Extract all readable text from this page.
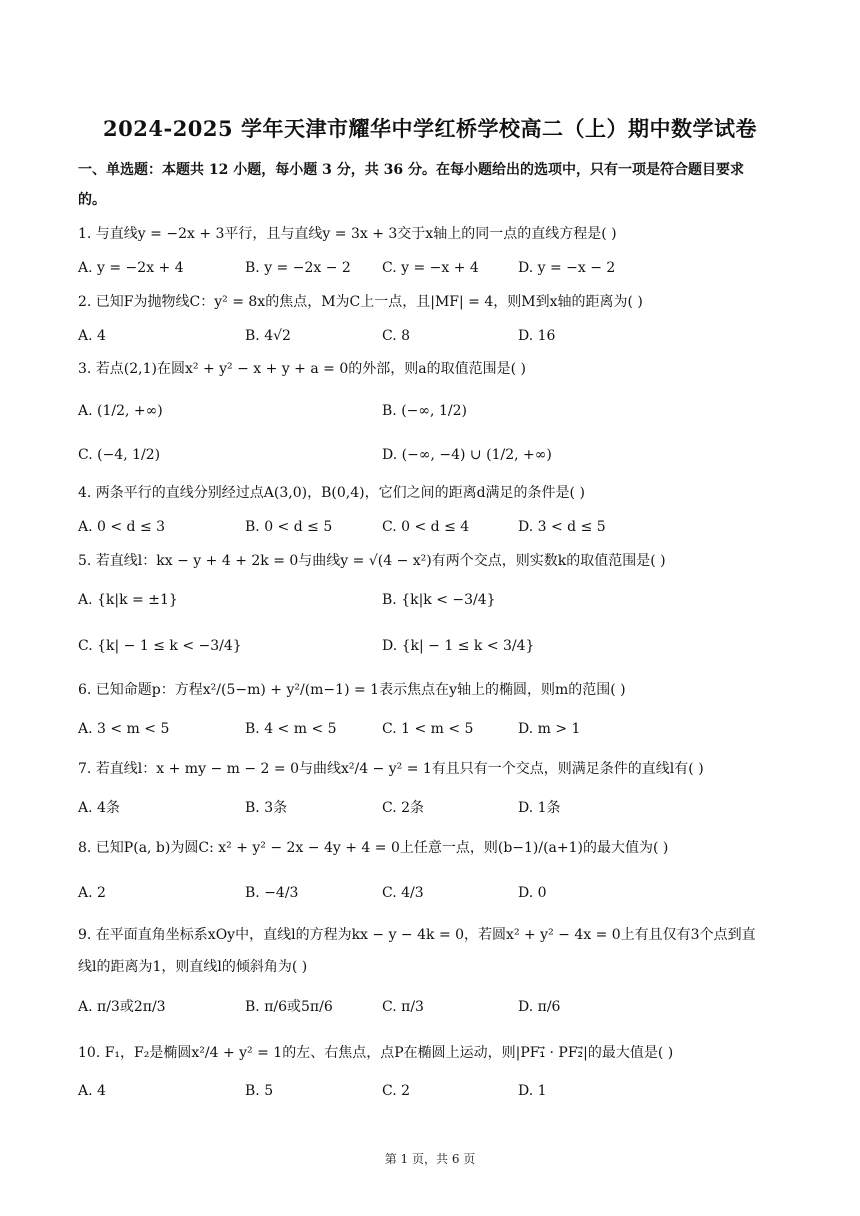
2024-2025 学年天津市耀华中学红桥学校高二（上）期中数学试卷
一、单选题：本题共 12 小题，每小题 3 分，共 36 分。在每小题给出的选项中，只有一项是符合题目要求
的。
1. 与直线y = −2x + 3平行，且与直线y = 3x + 3交于x轴上的同一点的直线方程是( )
A. y = −2x + 4	B. y = −2x − 2 C. y = −x + 4	D. y = −x − 2
2. 已知F为抛物线C：y² = 8x的焦点，M为C上一点，且|MF| = 4，则M到x轴的距离为( )
A. 4	B. 4√2	C. 8	D. 16
3. 若点(2,1)在圆x² + y² − x + y + a = 0的外部，则a的取值范围是( )
A. (1/2, +∞)	B. (−∞, 1/2)
C. (−4, 1/2)	D. (−∞, −4) ∪ (1/2, +∞)
4. 两条平行的直线分别经过点A(3,0)，B(0,4)，它们之间的距离d满足的条件是( )
A. 0 < d ≤ 3	B. 0 < d ≤ 5	C. 0 < d ≤ 4	D. 3 < d ≤ 5
5. 若直线l：kx − y + 4 + 2k = 0与曲线y = √(4 − x²)有两个交点，则实数k的取值范围是( )
A. {k|k = ±1}	B. {k|k < −3/4}
C. {k| − 1 ≤ k < −3/4}	D. {k| − 1 ≤ k < 3/4}
6. 已知命题p：方程x²/(5−m) + y²/(m−1) = 1表示焦点在y轴上的椭圆，则m的范围( )
A. 3 < m < 5	B. 4 < m < 5	C. 1 < m < 5	D. m > 1
7. 若直线l：x + my − m − 2 = 0与曲线x²/4 − y² = 1有且只有一个交点，则满足条件的直线l有( )
A. 4条	B. 3条	C. 2条	D. 1条
8. 已知P(a, b)为圆C: x² + y² − 2x − 4y + 4 = 0上任意一点，则(b−1)/(a+1)的最大值为( )
A. 2	B. −4/3	C. 4/3	D. 0
9. 在平面直角坐标系xOy中，直线l的方程为kx − y − 4k = 0，若圆x² + y² − 4x = 0上有且仅有3个点到直
线l的距离为1，则直线l的倾斜角为( )
A. π/3或2π/3	B. π/6或5π/6	C. π/3	D. π/6
10. F₁，F₂是椭圆x²/4 + y² = 1的左、右焦点，点P在椭圆上运动，则|PF₁⃗ · PF₂⃗|的最大值是( )
A. 4	B. 5	C. 2	D. 1
第 1 页，共 6 页
